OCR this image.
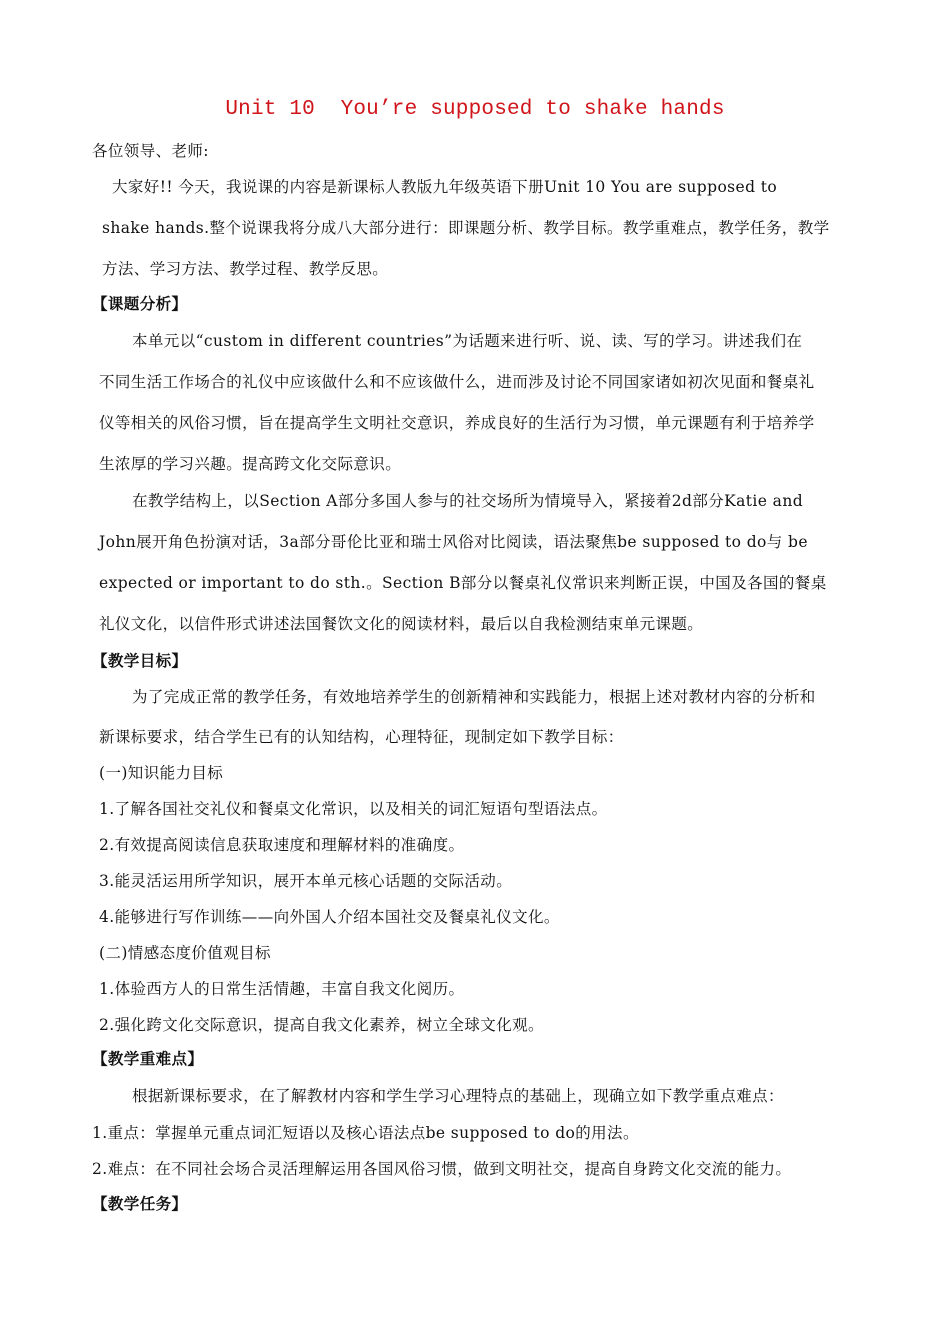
Unit 10  You’re supposed to shake hands
各位领导、老师:
大家好!! 今天，我说课的内容是新课标人教版九年级英语下册Unit 10 You are supposed to
shake hands.整个说课我将分成八大部分进行：即课题分析、教学目标。教学重难点，教学任务，教学
方法、学习方法、教学过程、教学反思。
【课题分析】
本单元以“custom in different countries”为话题来进行听、说、读、写的学习。讲述我们在
不同生活工作场合的礼仪中应该做什么和不应该做什么，进而涉及讨论不同国家诸如初次见面和餐桌礼
仪等相关的风俗习惯，旨在提高学生文明社交意识，养成良好的生活行为习惯，单元课题有利于培养学
生浓厚的学习兴趣。提高跨文化交际意识。
在教学结构上，以Section A部分多国人参与的社交场所为情境导入，紧接着2d部分Katie and
John展开角色扮演对话，3a部分哥伦比亚和瑞士风俗对比阅读，语法聚焦be supposed to do与 be
expected or important to do sth.。Section B部分以餐桌礼仪常识来判断正误，中国及各国的餐桌
礼仪文化，以信件形式讲述法国餐饮文化的阅读材料，最后以自我检测结束单元课题。
【教学目标】
为了完成正常的教学任务，有效地培养学生的创新精神和实践能力，根据上述对教材内容的分析和
新课标要求，结合学生已有的认知结构，心理特征，现制定如下教学目标：
(一)知识能力目标
1.了解各国社交礼仪和餐桌文化常识，以及相关的词汇短语句型语法点。
2.有效提高阅读信息获取速度和理解材料的准确度。
3.能灵活运用所学知识，展开本单元核心话题的交际活动。
4.能够进行写作训练——向外国人介绍本国社交及餐桌礼仪文化。
(二)情感态度价值观目标
1.体验西方人的日常生活情趣，丰富自我文化阅历。
2.强化跨文化交际意识，提高自我文化素养，树立全球文化观。
【教学重难点】
根据新课标要求，在了解教材内容和学生学习心理特点的基础上，现确立如下教学重点难点：
1.重点：掌握单元重点词汇短语以及核心语法点be supposed to do的用法。
2.难点：在不同社会场合灵活理解运用各国风俗习惯，做到文明社交，提高自身跨文化交流的能力。
【教学任务】
